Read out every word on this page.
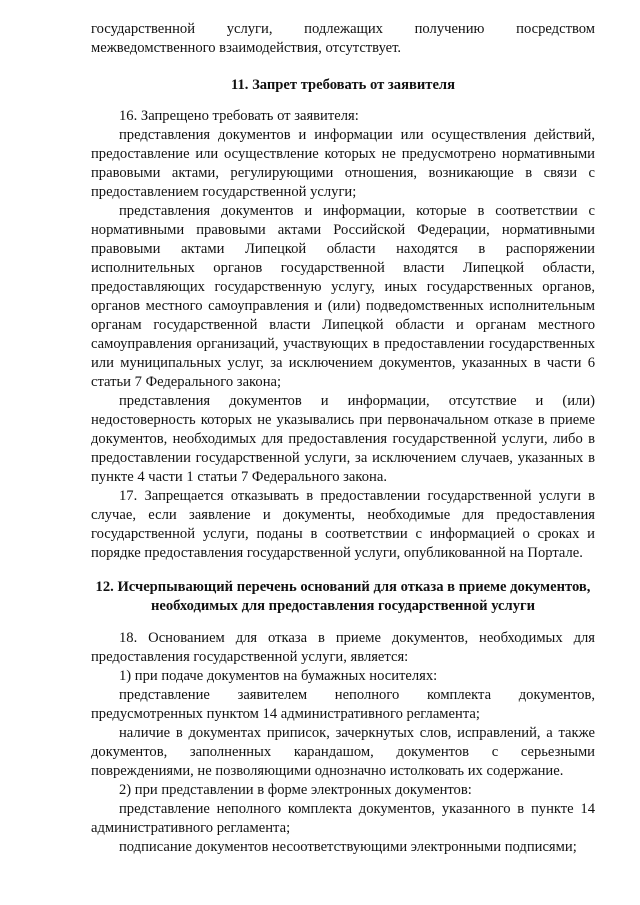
государственной услуги, подлежащих получению посредством межведомственного взаимодействия, отсутствует.

11. Запрет требовать от заявителя

16. Запрещено требовать от заявителя:

представления документов и информации или осуществления действий, предоставление или осуществление которых не предусмотрено нормативными правовыми актами, регулирующими отношения, возникающие в связи с предоставлением государственной услуги;

представления документов и информации, которые в соответствии с нормативными правовыми актами Российской Федерации, нормативными правовыми актами Липецкой области находятся в распоряжении исполнительных органов государственной власти Липецкой области, предоставляющих государственную услугу, иных государственных органов, органов местного самоуправления и (или) подведомственных исполнительным органам государственной власти Липецкой области и органам местного самоуправления организаций, участвующих в предоставлении государственных или муниципальных услуг, за исключением документов, указанных в части 6 статьи 7 Федерального закона;

представления документов и информации, отсутствие и (или) недостоверность которых не указывались при первоначальном отказе в приеме документов, необходимых для предоставления государственной услуги, либо в предоставлении государственной услуги, за исключением случаев, указанных в пункте 4 части 1 статьи 7 Федерального закона.

17. Запрещается отказывать в предоставлении государственной услуги в случае, если заявление и документы, необходимые для предоставления государственной услуги, поданы в соответствии с информацией о сроках и порядке предоставления государственной услуги, опубликованной на Портале.

12. Исчерпывающий перечень оснований для отказа в приеме документов, необходимых для предоставления государственной услуги

18. Основанием для отказа в приеме документов, необходимых для предоставления государственной услуги, является:

1) при подаче документов на бумажных носителях:

представление заявителем неполного комплекта документов, предусмотренных пунктом 14 административного регламента;

наличие в документах приписок, зачеркнутых слов, исправлений, а также документов, заполненных карандашом, документов с серьезными повреждениями, не позволяющими однозначно истолковать их содержание.

2) при представлении в форме электронных документов:

представление неполного комплекта документов, указанного в пункте 14 административного регламента;

подписание документов несоответствующими электронными подписями;
